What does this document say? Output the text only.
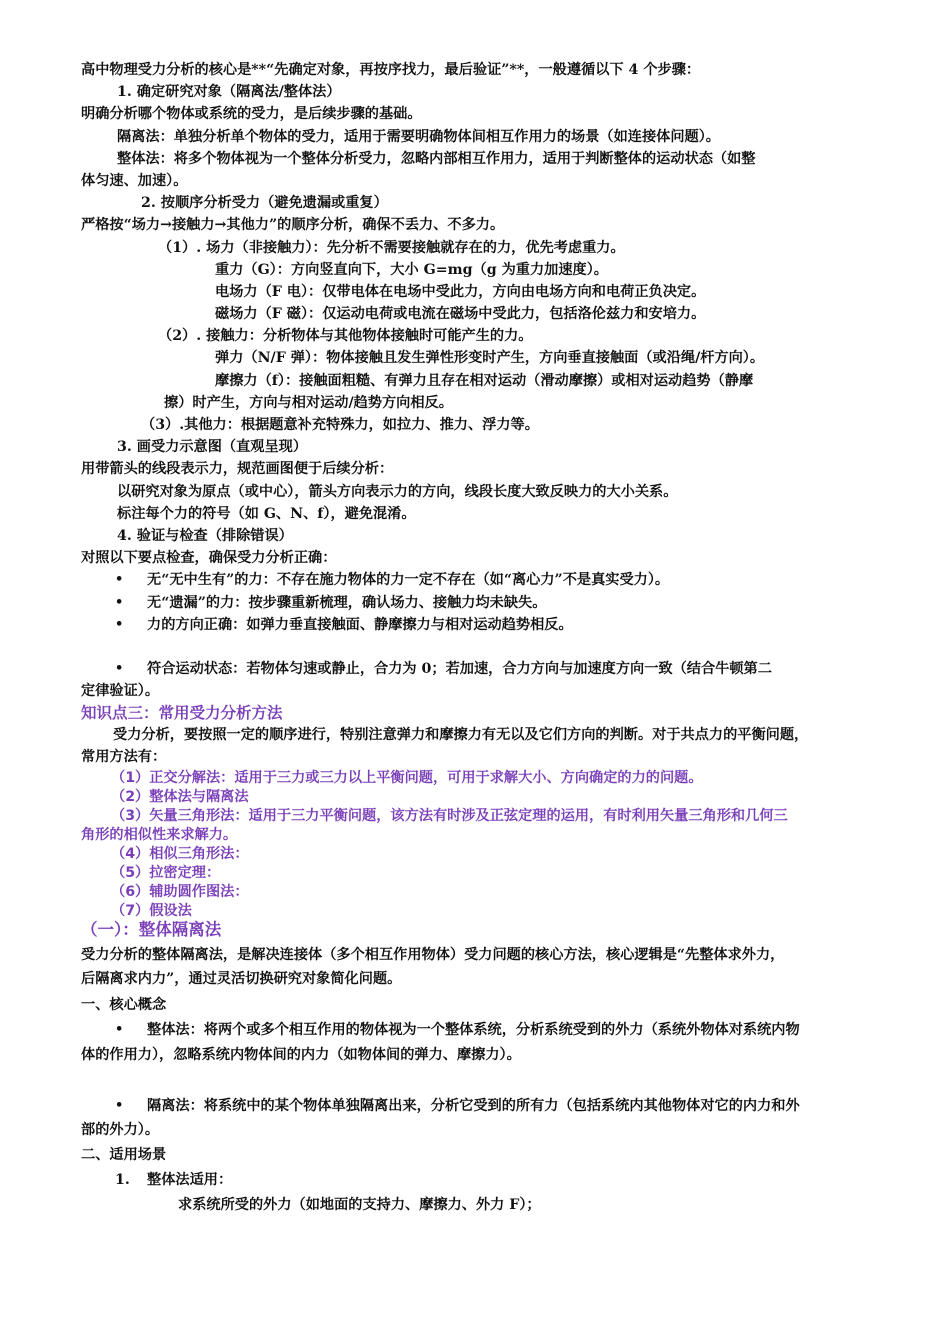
高中物理受力分析的核心是**“先确定对象，再按序找力，最后验证”**，一般遵循以下 4 个步骤：
1. 确定研究对象（隔离法/整体法）
明确分析哪个物体或系统的受力，是后续步骤的基础。
隔离法：单独分析单个物体的受力，适用于需要明确物体间相互作用力的场景（如连接体问题）。
整体法：将多个物体视为一个整体分析受力，忽略内部相互作用力，适用于判断整体的运动状态（如整
体匀速、加速）。
2. 按顺序分析受力（避免遗漏或重复）
严格按“场力→接触力→其他力”的顺序分析，确保不丢力、不多力。
（1）. 场力（非接触力）：先分析不需要接触就存在的力，优先考虑重力。
重力（G）：方向竖直向下，大小 G=mg（g 为重力加速度）。
电场力（F 电）：仅带电体在电场中受此力，方向由电场方向和电荷正负决定。
磁场力（F 磁）：仅运动电荷或电流在磁场中受此力，包括洛伦兹力和安培力。
（2）. 接触力：分析物体与其他物体接触时可能产生的力。
弹力（N/F 弹）：物体接触且发生弹性形变时产生，方向垂直接触面（或沿绳/杆方向）。
摩擦力（f）：接触面粗糙、有弹力且存在相对运动（滑动摩擦）或相对运动趋势（静摩
擦）时产生，方向与相对运动/趋势方向相反。
（3）.其他力：根据题意补充特殊力，如拉力、推力、浮力等。
3. 画受力示意图（直观呈现）
用带箭头的线段表示力，规范画图便于后续分析：
以研究对象为原点（或中心），箭头方向表示力的方向，线段长度大致反映力的大小关系。
标注每个力的符号（如 G、N、f），避免混淆。
4. 验证与检查（排除错误）
对照以下要点检查，确保受力分析正确：
• 无“无中生有”的力：不存在施力物体的力一定不存在（如“离心力”不是真实受力）。
• 无“遗漏”的力：按步骤重新梳理，确认场力、接触力均未缺失。
• 力的方向正确：如弹力垂直接触面、静摩擦力与相对运动趋势相反。
• 符合运动状态：若物体匀速或静止，合力为 0；若加速，合力方向与加速度方向一致（结合牛顿第二
定律验证）。
知识点三：常用受力分析方法
受力分析，要按照一定的顺序进行，特别注意弹力和摩擦力有无以及它们方向的判断。对于共点力的平衡问题，
常用方法有：
（1）正交分解法：适用于三力或三力以上平衡问题，可用于求解大小、方向确定的力的问题。
（2）整体法与隔离法
（3）矢量三角形法：适用于三力平衡问题，该方法有时涉及正弦定理的运用，有时利用矢量三角形和几何三
角形的相似性来求解力。
（4）相似三角形法：
（5）拉密定理：
（6）辅助圆作图法：
（7）假设法
（一）：整体隔离法
受力分析的整体隔离法，是解决连接体（多个相互作用物体）受力问题的核心方法，核心逻辑是“先整体求外力，
后隔离求内力”，通过灵活切换研究对象简化问题。
一、核心概念
• 整体法：将两个或多个相互作用的物体视为一个整体系统，分析系统受到的外力（系统外物体对系统内物
体的作用力），忽略系统内物体间的内力（如物体间的弹力、摩擦力）。
• 隔离法：将系统中的某个物体单独隔离出来，分析它受到的所有力（包括系统内其他物体对它的内力和外
部的外力）。
二、适用场景
1. 整体法适用：
求系统所受的外力（如地面的支持力、摩擦力、外力 F）；
